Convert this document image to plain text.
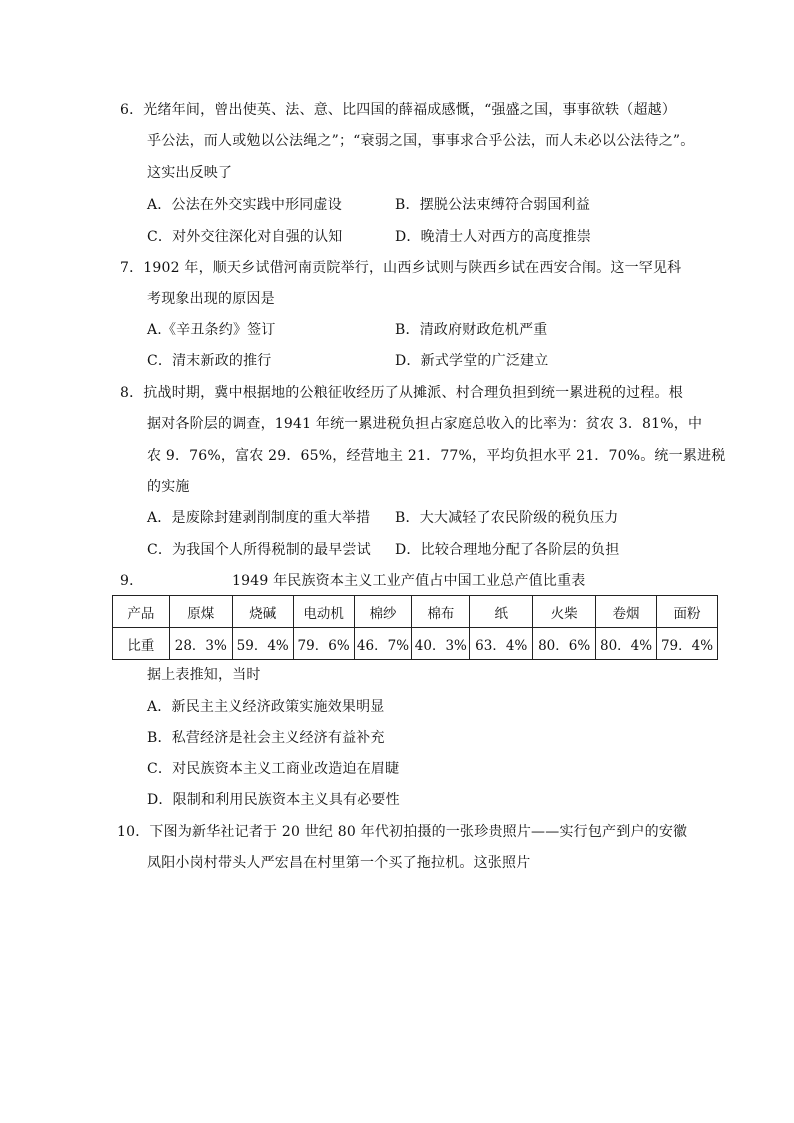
6．光绪年间，曾出使英、法、意、比四国的薛福成感慨，“强盛之国，事事欲轶（超越）
乎公法，而人或勉以公法绳之”；“衰弱之国，事事求合乎公法，而人未必以公法待之”。
这实出反映了
A．公法在外交实践中形同虚设	B．摆脱公法束缚符合弱国利益
C．对外交往深化对自强的认知	D．晚清士人对西方的高度推崇
7．1902 年，顺天乡试借河南贡院举行，山西乡试则与陕西乡试在西安合闱。这一罕见科
考现象出现的原因是
A.《辛丑条约》签订	B．清政府财政危机严重
C．清末新政的推行	D．新式学堂的广泛建立
8．抗战时期，冀中根据地的公粮征收经历了从摊派、村合理负担到统一累进税的过程。根
据对各阶层的调查，1941 年统一累进税负担占家庭总收入的比率为：贫农 3．81%，中
农 9．76%，富农 29．65%，经营地主 21．77%，平均负担水平 21．70%。统一累进税
的实施
A．是废除封建剥削制度的重大举措 B．大大减轻了农民阶级的税负压力
C．为我国个人所得税制的最早尝试 D．比较合理地分配了各阶层的负担
9．	1949 年民族资本主义工业产值占中国工业总产值比重表
产品	原煤	烧碱	电动机	棉纱	棉布	纸	火柴	卷烟	面粉
比重	28．3%	59．4%	79．6%	46．7%	40．3%	63．4%	80．6%	80．4%	79．4%
据上表推知，当时
A．新民主主义经济政策实施效果明显
B．私营经济是社会主义经济有益补充
C．对民族资本主义工商业改造迫在眉睫
D．限制和利用民族资本主义具有必要性
10．下图为新华社记者于 20 世纪 80 年代初拍摄的一张珍贵照片——实行包产到户的安徽
凤阳小岗村带头人严宏昌在村里第一个买了拖拉机。这张照片
